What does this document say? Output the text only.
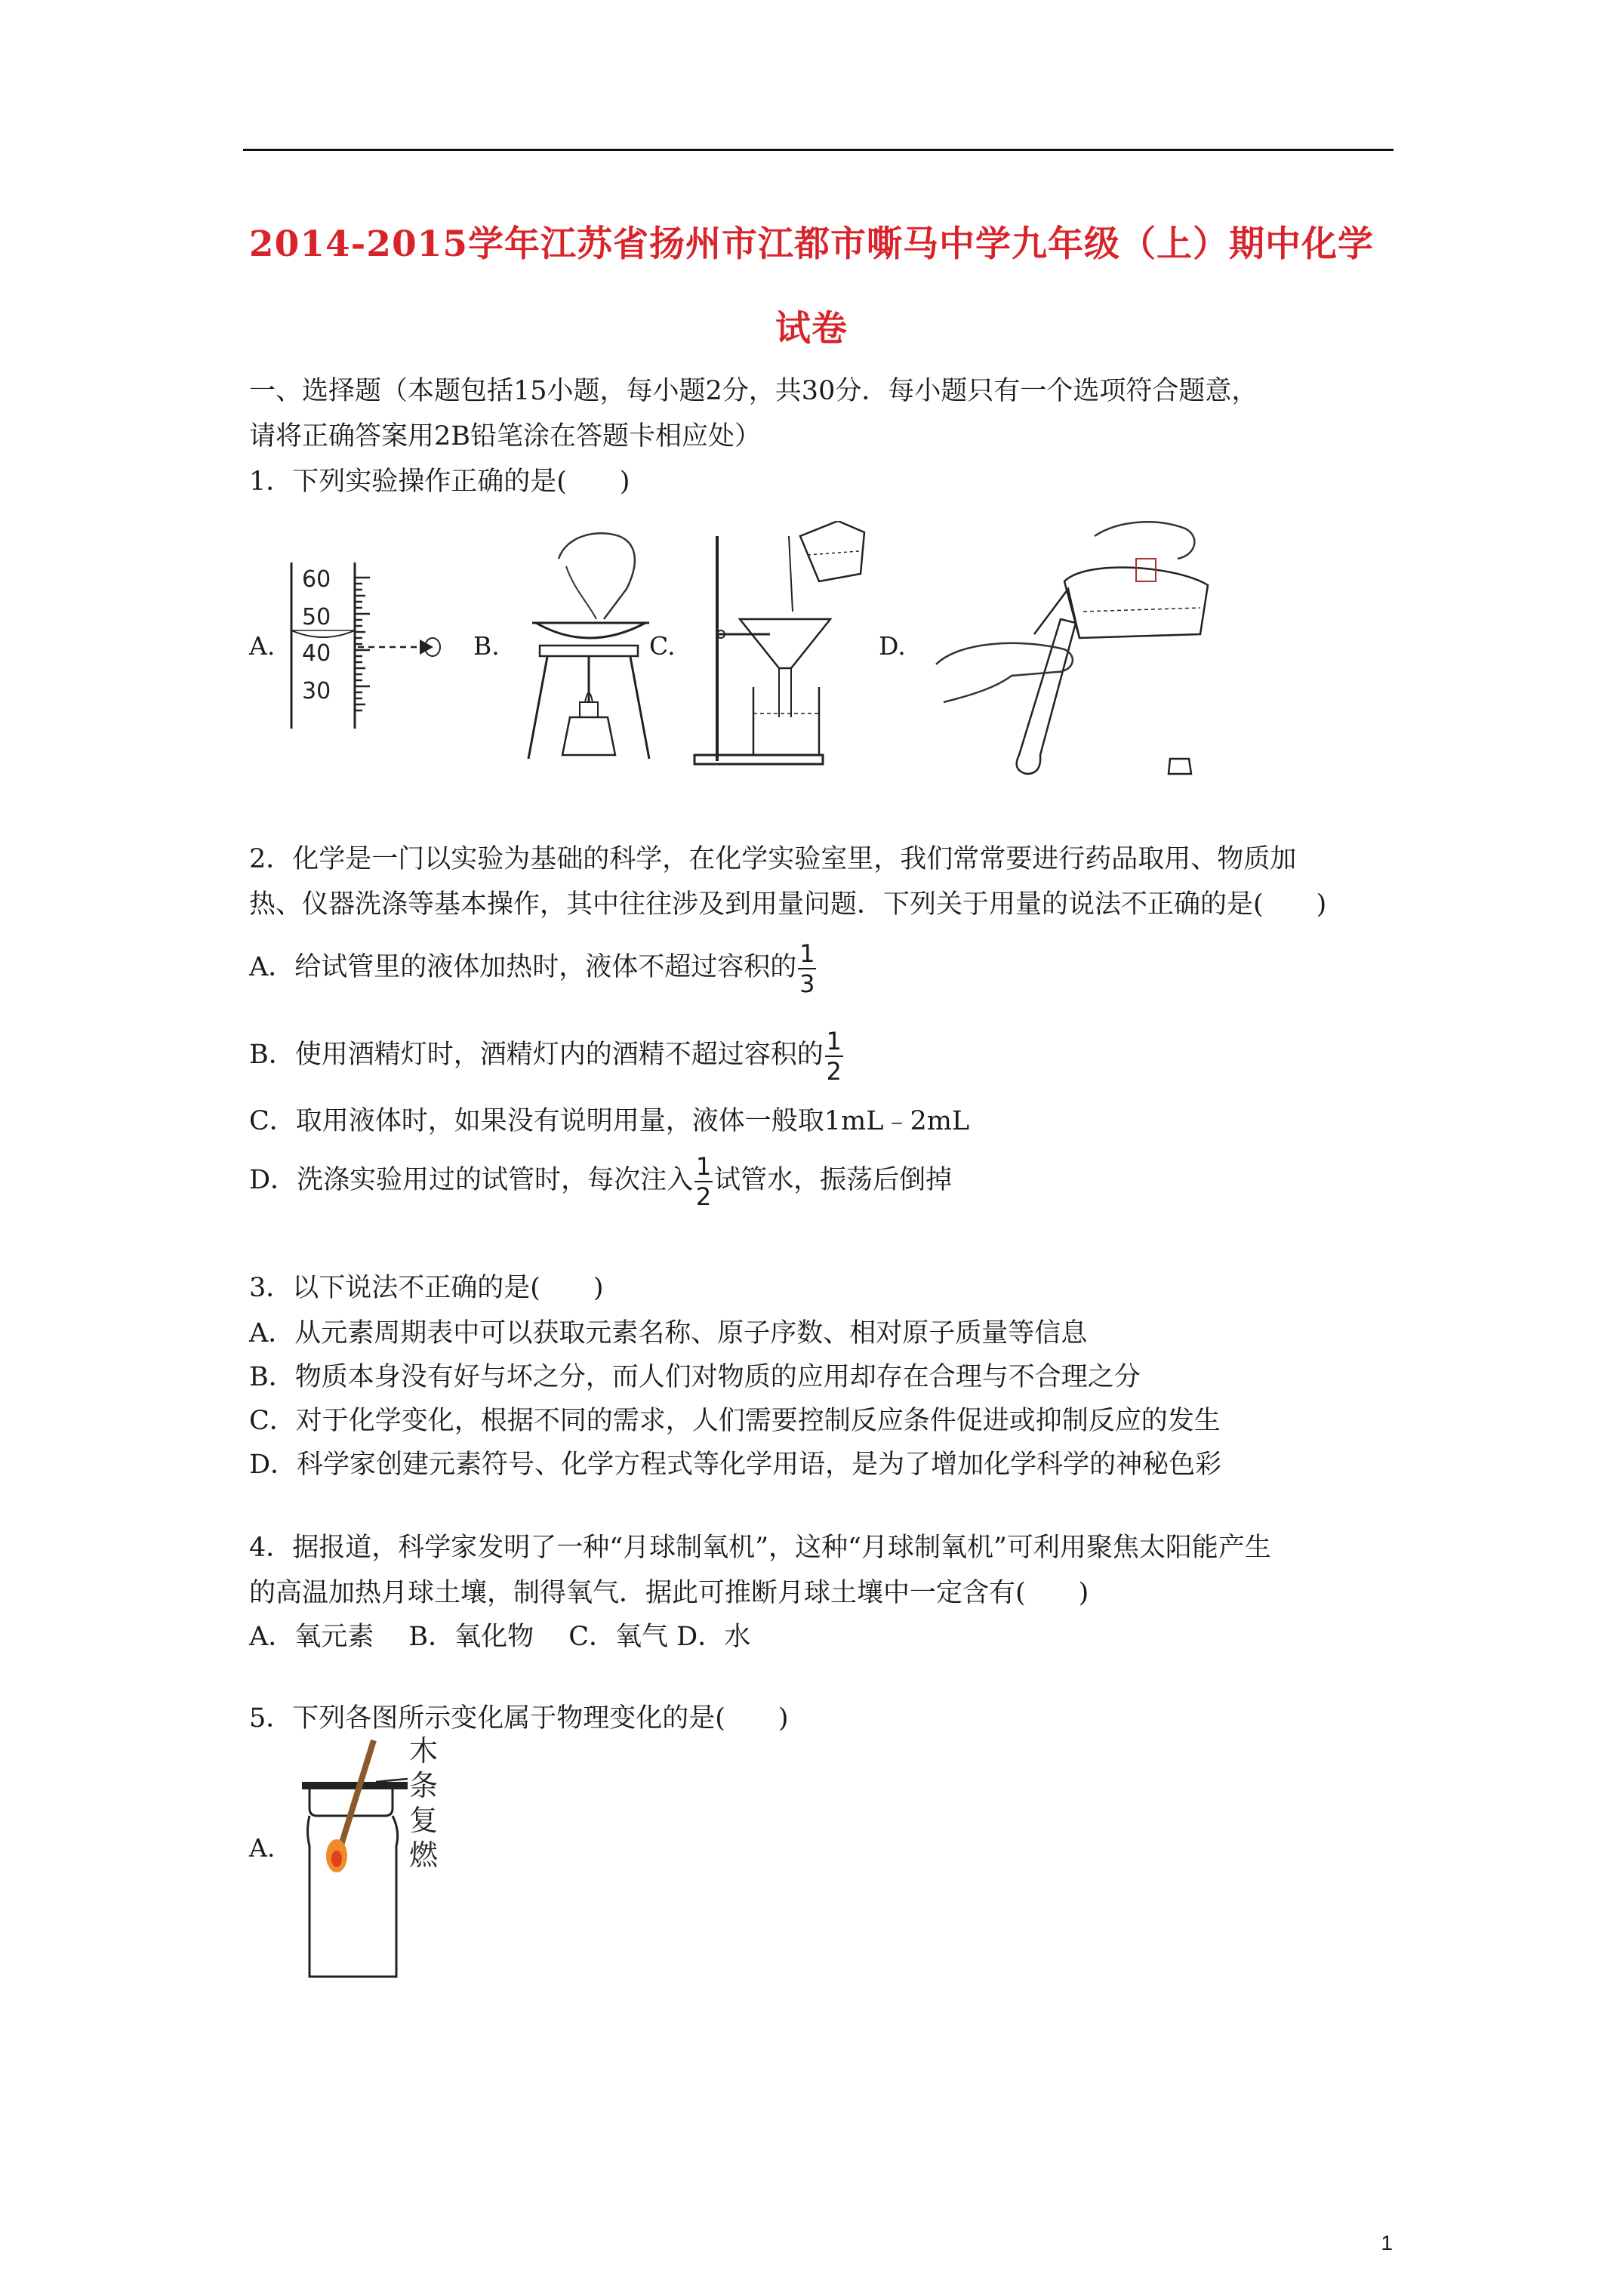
2014-2015学年江苏省扬州市江都市嘶马中学九年级（上）期中化学
试卷
一、选择题（本题包括15小题，每小题2分，共30分．每小题只有一个选项符合题意，
请将正确答案用2B铅笔涂在答题卡相应处）
1．下列实验操作正确的是(　　)
A.
60
50
40
30
B.	C.	D.
2．化学是一门以实验为基础的科学，在化学实验室里，我们常常要进行药品取用、物质加
热、仪器洗涤等基本操作，其中往往涉及到用量问题．下列关于用量的说法不正确的是(　　)
A．给试管里的液体加热时，液体不超过容积的 $\frac{1}{3}$
B．使用酒精灯时，酒精灯内的酒精不超过容积的 $\frac{1}{2}$
C．取用液体时，如果没有说明用量，液体一般取1mL﹣2mL
D．洗涤实验用过的试管时，每次注入 $\frac{1}{2}$ 试管水，振荡后倒掉
3．以下说法不正确的是(　　)
A．从元素周期表中可以获取元素名称、原子序数、相对原子质量等信息
B．物质本身没有好与坏之分，而人们对物质的应用却存在合理与不合理之分
C．对于化学变化，根据不同的需求，人们需要控制反应条件促进或抑制反应的发生
D．科学家创建元素符号、化学方程式等化学用语，是为了增加化学科学的神秘色彩
4．据报道，科学家发明了一种“月球制氧机”，这种“月球制氧机”可利用聚焦太阳能产生
的高温加热月球土壤，制得氧气．据此可推断月球土壤中一定含有(　　)
A．氧元素　 B．氧化物　 C．氧气 D．水
5．下列各图所示变化属于物理变化的是(　　)
A.
木
条
复
燃
1
